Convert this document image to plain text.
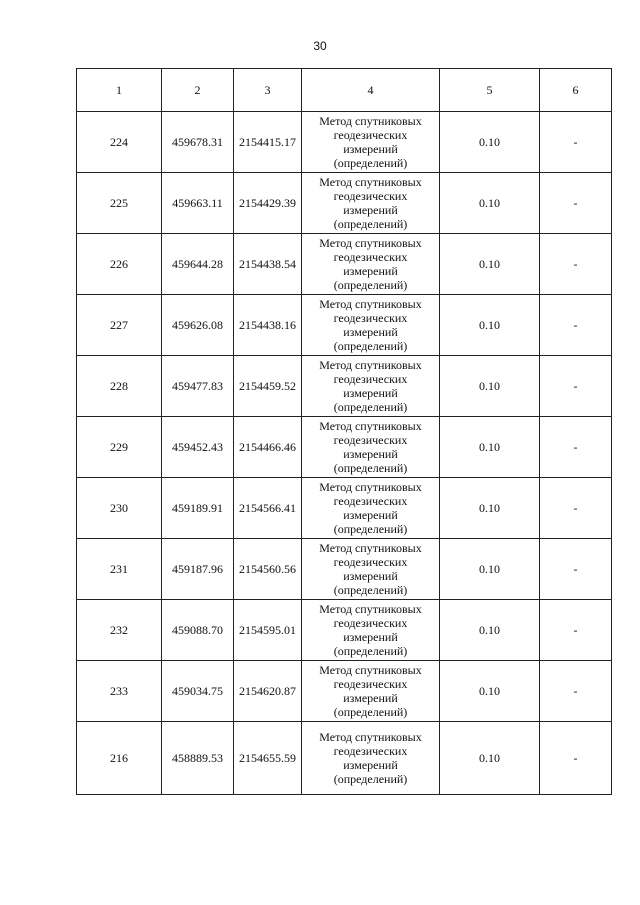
30
1	2	3	4	5	6
224	459678.31	2154415.17	Метод спутниковых
геодезических
измерений
(определений)	0.10	-
225	459663.11	2154429.39	Метод спутниковых
геодезических
измерений
(определений)	0.10	-
226	459644.28	2154438.54	Метод спутниковых
геодезических
измерений
(определений)	0.10	-
227	459626.08	2154438.16	Метод спутниковых
геодезических
измерений
(определений)	0.10	-
228	459477.83	2154459.52	Метод спутниковых
геодезических
измерений
(определений)	0.10	-
229	459452.43	2154466.46	Метод спутниковых
геодезических
измерений
(определений)	0.10	-
230	459189.91	2154566.41	Метод спутниковых
геодезических
измерений
(определений)	0.10	-
231	459187.96	2154560.56	Метод спутниковых
геодезических
измерений
(определений)	0.10	-
232	459088.70	2154595.01	Метод спутниковых
геодезических
измерений
(определений)	0.10	-
233	459034.75	2154620.87	Метод спутниковых
геодезических
измерений
(определений)	0.10	-
216	458889.53	2154655.59	Метод спутниковых
геодезических
измерений
(определений)	0.10	-
